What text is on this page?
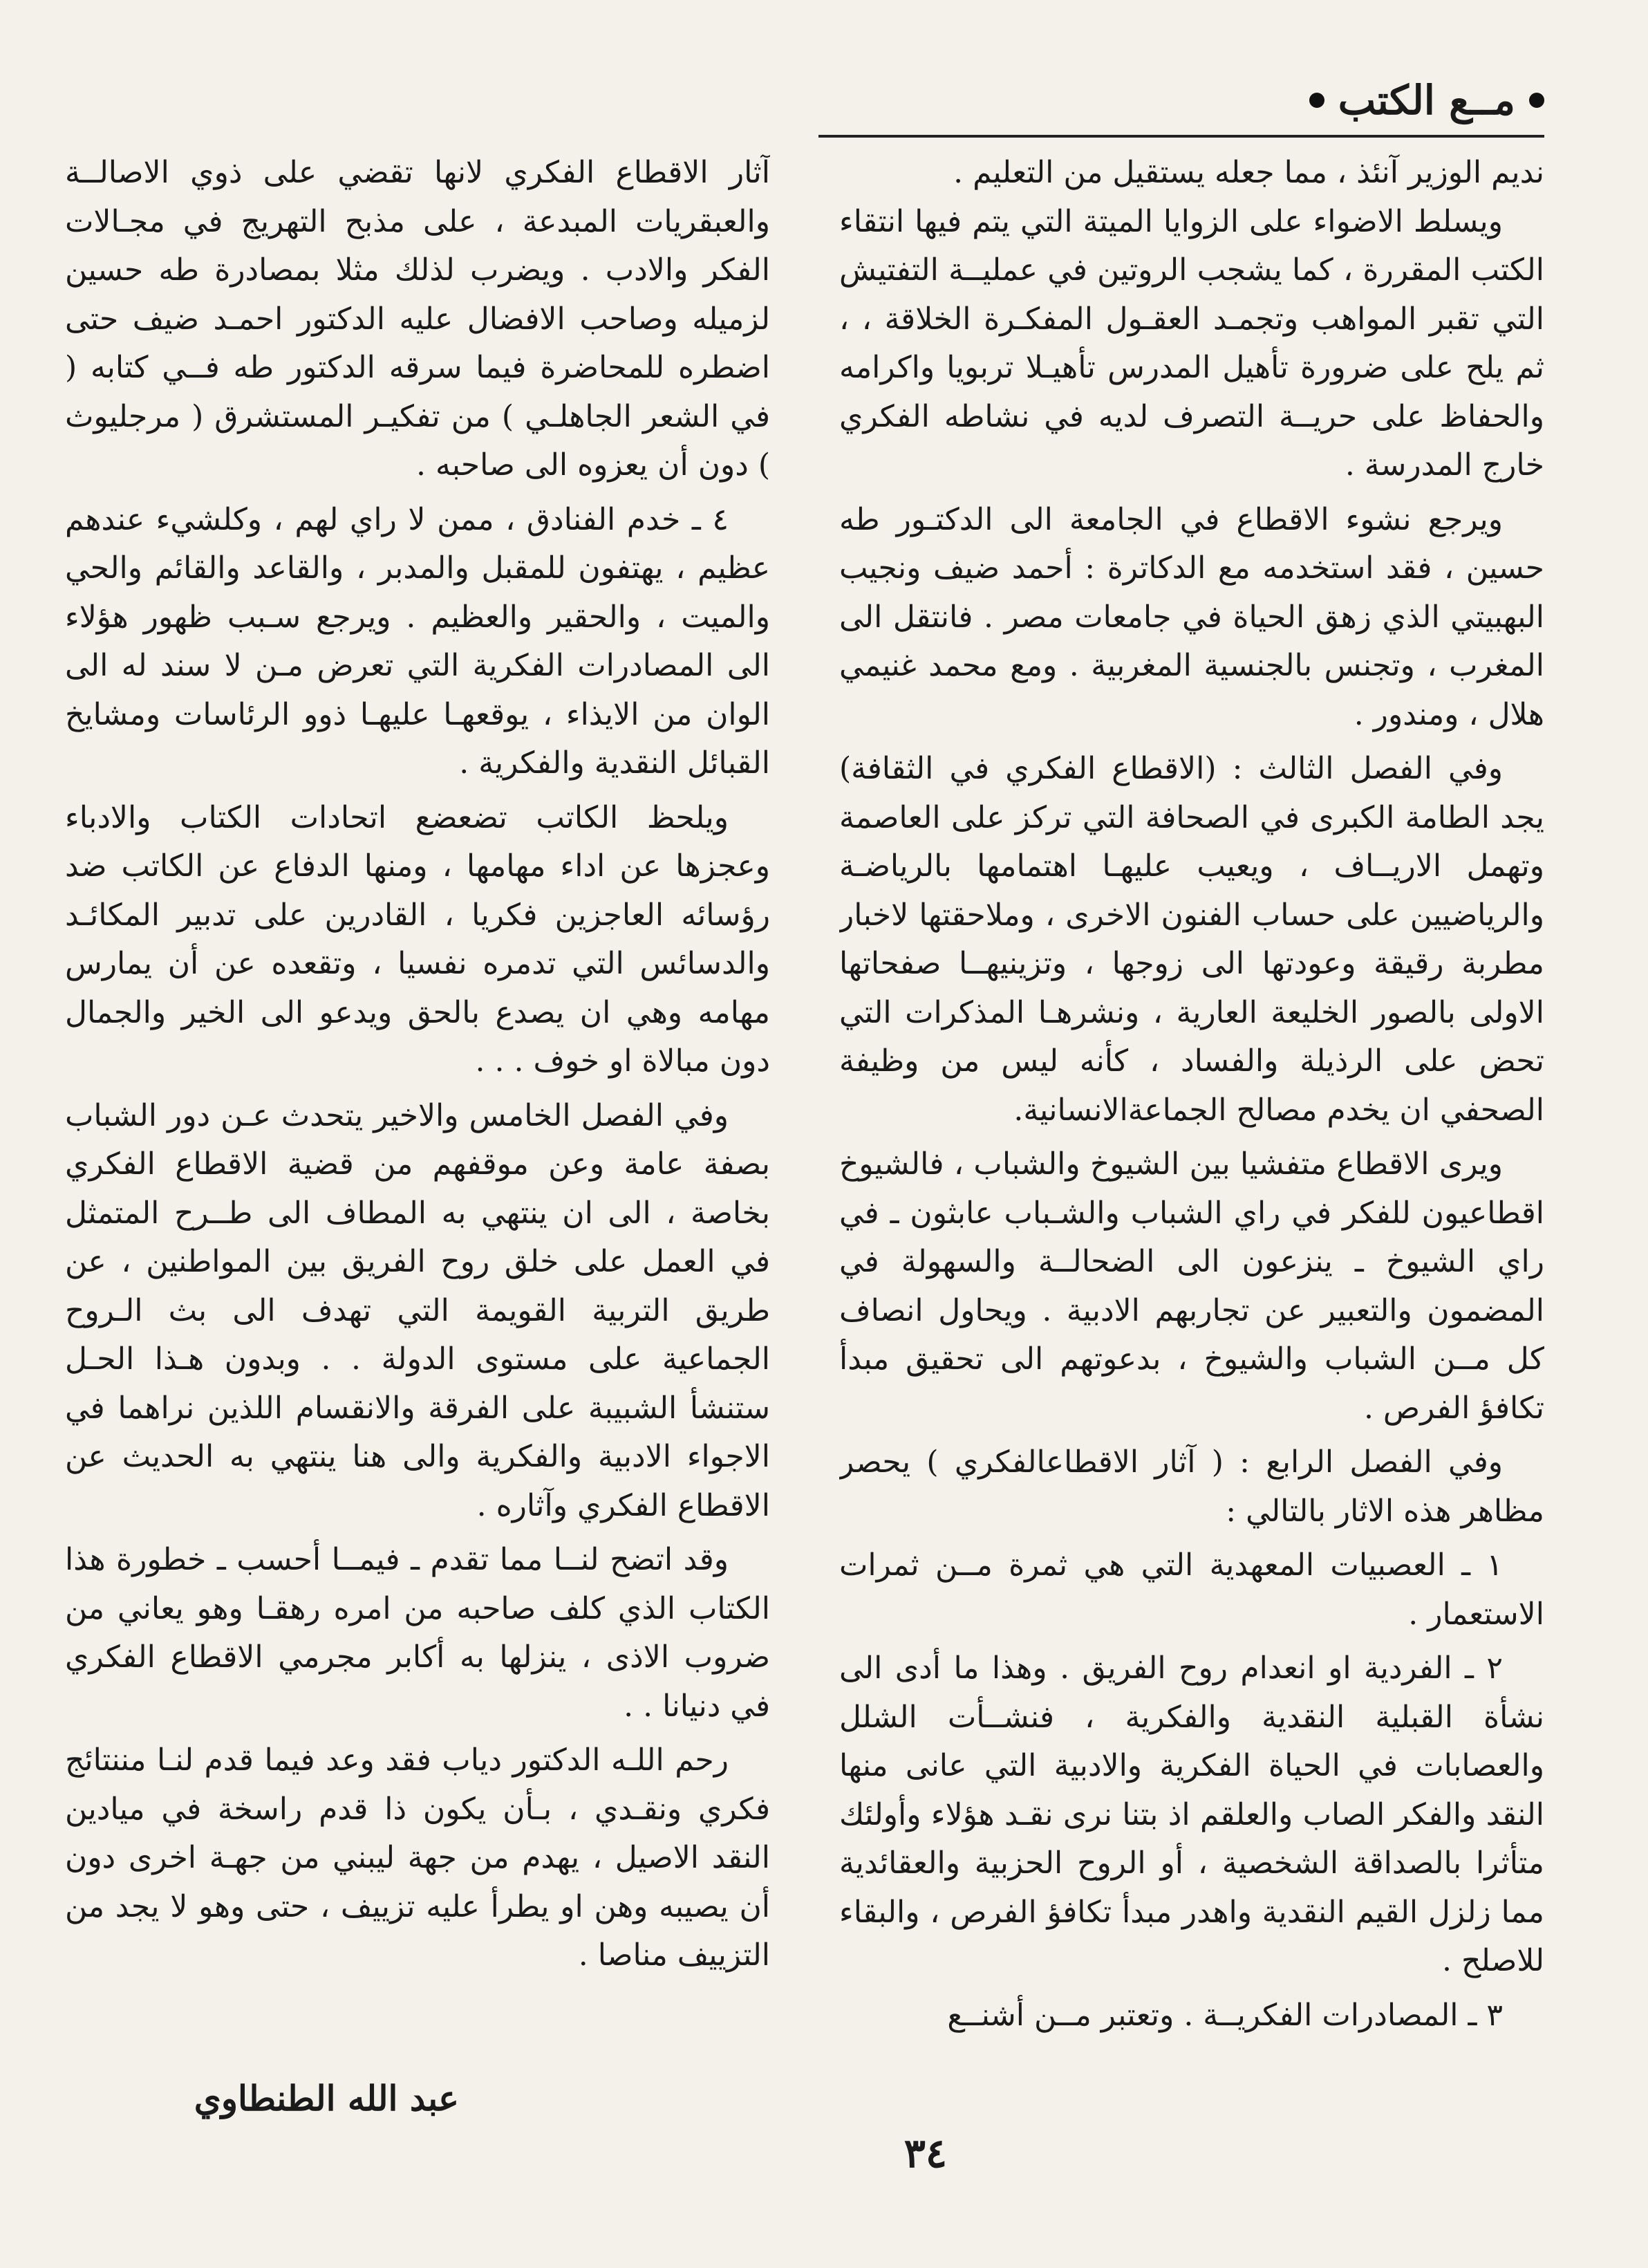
مــع الكتب

نديم الوزير آنئذ ، مما جعله يستقيل من التعليم .

ويسلط الاضواء على الزوايا الميتة التي يتم فيها انتقاء الكتب المقررة ، كما يشجب الروتين في عمليــة التفتيش التي تقبر المواهب وتجمـد العقـول المفكـرة الخلاقة ، ، ثم يلح على ضرورة تأهيل المدرس تأهيـلا تربويا واكرامه والحفاظ على حريــة التصرف لديه في نشاطه الفكري خارج المدرسة .

ويرجع نشوء الاقطاع في الجامعة الى الدكتـور طه حسين ، فقد استخدمه مع الدكاترة : أحمد ضيف ونجيب البهبيتي الذي زهق الحياة في جامعات مصر . فانتقل الى المغرب ، وتجنس بالجنسية المغربية . ومع محمد غنيمي هلال ، ومندور .

وفي الفصل الثالث : (الاقطاع الفكري في الثقافة) يجد الطامة الكبرى في الصحافة التي تركز على العاصمة وتهمل الاريــاف ، ويعيب عليهـا اهتمامها بالرياضـة والرياضيين على حساب الفنون الاخرى ، وملاحقتها لاخبار مطربة رقيقة وعودتها الى زوجها ، وتزينيهــا صفحاتها الاولى بالصور الخليعة العارية ، ونشرهـا المذكرات التي تحض على الرذيلة والفساد ، كأنه ليس من وظيفة الصحفي ان يخدم مصالح الجماعةالانسانية.

ويرى الاقطاع متفشيا بين الشيوخ والشباب ، فالشيوخ اقطاعيون للفكر في راي الشباب والشـباب عابثون ـ في راي الشيوخ ـ ينزعون الى الضحالــة والسهولة في المضمون والتعبير عن تجاربهم الادبية . ويحاول انصاف كل مــن الشباب والشيوخ ، بدعوتهم الى تحقيق مبدأ تكافؤ الفرص .

وفي الفصل الرابع : ( آثار الاقطاعالفكري ) يحصر مظاهر هذه الاثار بالتالي :

١ ـ العصبيات المعهدية التي هي ثمرة مــن ثمرات الاستعمار .

٢ ـ الفردية او انعدام روح الفريق . وهذا ما أدى الى نشأة القبلية النقدية والفكرية ، فنشــأت الشلل والعصابات في الحياة الفكرية والادبية التي عانى منها النقد والفكر الصاب والعلقم اذ بتنا نرى نقـد هؤلاء وأولئك متأثرا بالصداقة الشخصية ، أو الروح الحزبية والعقائدية مما زلزل القيم النقدية واهدر مبدأ تكافؤ الفرص ، والبقاء للاصلح .

٣ ـ المصادرات الفكريــة . وتعتبر مــن أشنــع

آثار الاقطاع الفكري لانها تقضي على ذوي الاصالــة والعبقريات المبدعة ، على مذبح التهريج في مجـالات الفكر والادب . ويضرب لذلك مثلا بمصادرة طه حسين لزميله وصاحب الافضال عليه الدكتور احمـد ضيف حتى اضطره للمحاضرة فيما سرقه الدكتور طه فــي كتابه ( في الشعر الجاهلـي ) من تفكيـر المستشرق ( مرجليوث ) دون أن يعزوه الى صاحبه .

٤ ـ خدم الفنادق ، ممن لا راي لهم ، وكلشيء عندهم عظيم ، يهتفون للمقبل والمدبر ، والقاعد والقائم والحي والميت ، والحقير والعظيم . ويرجع سـبب ظهور هؤلاء الى المصادرات الفكرية التي تعرض مـن لا سند له الى الوان من الايذاء ، يوقعهـا عليهـا ذوو الرئاسات ومشايخ القبائل النقدية والفكرية .

ويلحظ الكاتب تضعضع اتحادات الكتاب والادباء وعجزها عن اداء مهامها ، ومنها الدفاع عن الكاتب ضد رؤسائه العاجزين فكريا ، القادرين على تدبير المكائـد والدسائس التي تدمره نفسيا ، وتقعده عن أن يمارس مهامه وهي ان يصدع بالحق ويدعو الى الخير والجمال دون مبالاة او خوف . . .

وفي الفصل الخامس والاخير يتحدث عـن دور الشباب بصفة عامة وعن موقفهم من قضية الاقطاع الفكري بخاصة ، الى ان ينتهي به المطاف الى طــرح المتمثل في العمل على خلق روح الفريق بين المواطنين ، عن طريق التربية القويمة التي تهدف الى بث الـروح الجماعية على مستوى الدولة . . وبدون هـذا الحـل ستنشأ الشبيبة على الفرقة والانقسام اللذين نراهما في الاجواء الادبية والفكرية والى هنا ينتهي به الحديث عن الاقطاع الفكري وآثاره .

وقد اتضح لنــا مما تقدم ـ فيمــا أحسب ـ خطورة هذا الكتاب الذي كلف صاحبه من امره رهقـا وهو يعاني من ضروب الاذى ، ينزلها به أكابر مجرمي الاقطاع الفكري في دنيانا . .

رحم اللـه الدكتور دياب فقد وعد فيما قدم لنـا مننتائج فكري ونقـدي ، بـأن يكون ذا قدم راسخة في ميادين النقد الاصيل ، يهدم من جهة ليبني من جهـة اخرى دون أن يصيبه وهن او يطرأ عليه تزييف ، حتى وهو لا يجد من التزييف مناصا .

عبد الله الطنطاوي
٣٤
